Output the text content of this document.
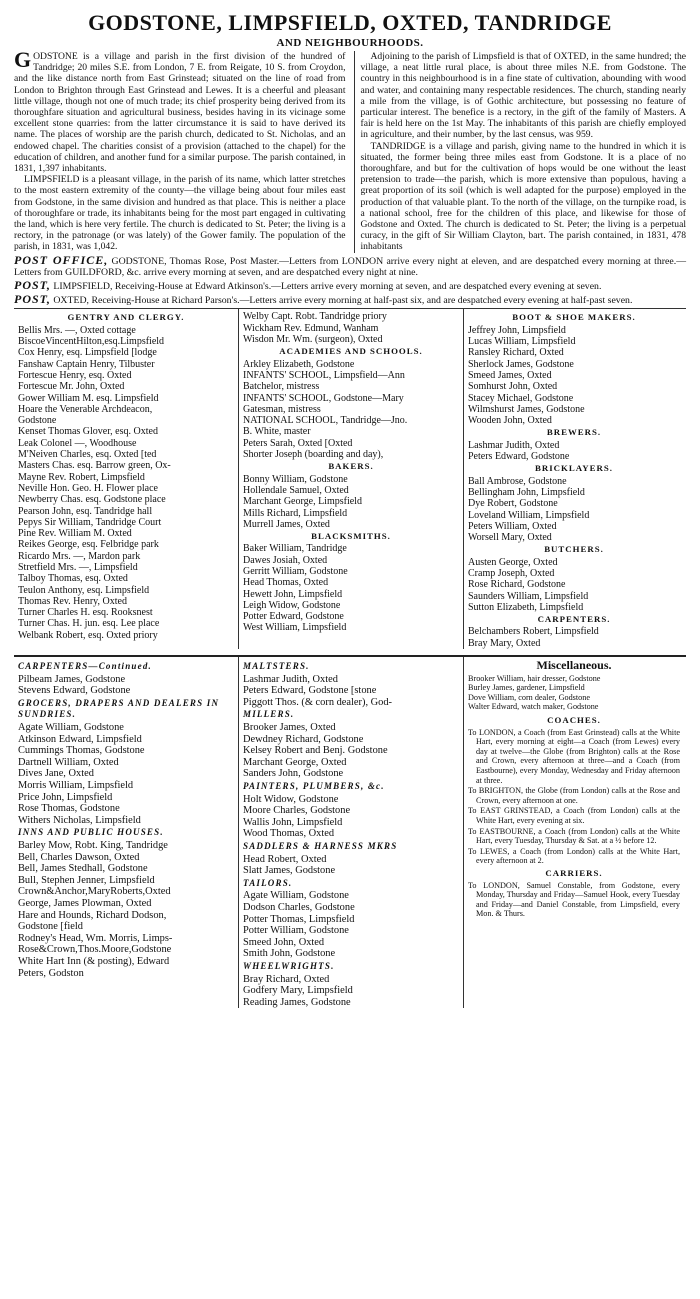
GODSTONE, LIMPSFIELD, OXTED, TANDRIDGE
AND NEIGHBOURHOODS.

GODSTONE is a village and parish in the first division of the hundred of Tandridge; 20 miles S.E. from London, 7 E. from Reigate, 10 S. from Croydon, and the like distance north from East Grinstead; situated on the line of road from London to Brighton through East Grinstead and Lewes. It is a cheerful and pleasant little village, though not one of much trade; its chief prosperity being derived from its thoroughfare situation and agricultural business, besides having in its vicinage some excellent stone quarries: from the latter circumstance it is said to have derived its name. The places of worship are the parish church, dedicated to St. Nicholas, and an endowed chapel. The charities consist of a provision (attached to the chapel) for the education of children, and another fund for a similar purpose. The parish contained, in 1831, 1,397 inhabitants.

LIMPSFIELD is a pleasant village, in the parish of its name, which latter stretches to the most eastern extremity of the county—the village being about four miles east from Godstone, in the same division and hundred as that place. This is neither a place of thoroughfare or trade, its inhabitants being for the most part engaged in cultivating the land, which is here very fertile. The church is dedicated to St. Peter; the living is a rectory, in the patronage (or was lately) of the Gower family. The population of the parish, in 1831, was 1,042.

Adjoining to the parish of Limpsfield is that of OXTED, in the same hundred; the village, a neat little rural place, is about three miles N.E. from Godstone. The country in this neighbourhood is in a fine state of cultivation, abounding with wood and water, and containing many respectable residences. The church, standing nearly a mile from the village, is of Gothic architecture, but possessing no feature of particular interest. The benefice is a rectory, in the gift of the family of Masters. A fair is held here on the 1st May. The inhabitants of this parish are chiefly employed in agriculture, and their number, by the last census, was 959.

TANDRIDGE is a village and parish, giving name to the hundred in which it is situated, the former being three miles east from Godstone. It is a place of no thoroughfare, and but for the cultivation of hops would be one without the least pretension to trade—the parish, which is more extensive than populous, having a great proportion of its soil (which is well adapted for the purpose) employed in the production of that valuable plant. To the north of the village, on the turnpike road, is a national school, free for the children of this place, and likewise for those of Godstone and Oxted. The church is dedicated to St. Peter; the living is a perpetual curacy, in the gift of Sir William Clayton, bart. The parish contained, in 1831, 478 inhabitants

POST OFFICE, GODSTONE, Thomas Rose, Post Master.—Letters from LONDON arrive every night at eleven, and are despatched every morning at three.—Letters from GUILDFORD, &c. arrive every morning at seven, and are despatched every night at nine.
POST, LIMPSFIELD, Receiving-House at Edward Atkinson's.—Letters arrive every morning at seven, and are despatched every evening at seven.
POST, OXTED, Receiving-House at Richard Parson's.—Letters arrive every morning at half-past six, and are despatched every evening at half-past seven.
GENTRY AND CLERGY.
Bellis Mrs. —, Oxted cottage
BiscoeVincentHilton,esq.Limpsfield
Cox Henry, esq. Limpsfield [lodge
Fanshaw Captain Henry, Tilbuster
Fortescue Henry, esq. Oxted
Fortescue Mr. John, Oxted
Gower William M. esq. Limpsfield
Hoare the Venerable Archdeacon,
Godstone
Kenset Thomas Glover, esq. Oxted
Leak Colonel —, Woodhouse
M'Neiven Charles, esq. Oxted [ted
Masters Chas. esq. Barrow green, Ox-
Mayne Rev. Robert, Limpsfield
Neville Hon. Geo. H. Flower place
Newberry Chas. esq. Godstone place
Pearson John, esq. Tandridge hall
Pepys Sir William, Tandridge Court
Pine Rev. William M. Oxted
Reikes George, esq. Felbridge park
Ricardo Mrs. —, Mardon park
Stretfield Mrs. —, Limpsfield
Talboy Thomas, esq. Oxted
Teulon Anthony, esq. Limpsfield
Thomas Rev. Henry, Oxted
Turner Charles H. esq. Rooksnest
Turner Chas. H. jun. esq. Lee place
Welbank Robert, esq. Oxted priory
Welby Capt. Robt. Tandridge priory
Wickham Rev. Edmund, Wanham
Wisdon Mr. Wm. (surgeon), Oxted
ACADEMIES AND SCHOOLS.
Arkley Elizabeth, Godstone
INFANTS' SCHOOL, Limpsfield—Ann
Batchelor, mistress
INFANTS' SCHOOL, Godstone—Mary
Gatesman, mistress
NATIONAL SCHOOL, Tandridge—Jno.
B. White, master
Peters Sarah, Oxted [Oxted
Shorter Joseph (boarding and day),
BAKERS.
Bonny William, Godstone
Hollendale Samuel, Oxted
Marchant George, Limpsfield
Mills Richard, Limpsfield
Murrell James, Oxted
BLACKSMITHS.
Baker William, Tandridge
Dawes Josiah, Oxted
Gerritt William, Godstone
Head Thomas, Oxted
Hewett John, Limpsfield
Leigh Widow, Godstone
Potter Edward, Godstone
West William, Limpsfield
BOOT & SHOE MAKERS.
Jeffrey John, Limpsfield
Lucas William, Limpsfield
Ransley Richard, Oxted
Sherlock James, Godstone
Smeed James, Oxted
Somhurst John, Oxted
Stacey Michael, Godstone
Wilmshurst James, Godstone
Wooden John, Oxted
BREWERS.
Lashmar Judith, Oxted
Peters Edward, Godstone
BRICKLAYERS.
Ball Ambrose, Godstone
Bellingham John, Limpsfield
Dye Robert, Godstone
Loveland William, Limpsfield
Peters William, Oxted
Worsell Mary, Oxted
BUTCHERS.
Austen George, Oxted
Cramp Joseph, Oxted
Rose Richard, Godstone
Saunders William, Limpsfield
Sutton Elizabeth, Limpsfield
CARPENTERS.
Belchambers Robert, Limpsfield
Bray Mary, Oxted
CARPENTERS—Continued.
Pilbeam James, Godstone
Stevens Edward, Godstone
GROCERS, DRAPERS AND DEALERS IN SUNDRIES.
Agate William, Godstone
Atkinson Edward, Limpsfield
Cummings Thomas, Godstone
Dartnell William, Oxted
Dives Jane, Oxted
Morris William, Limpsfield
Price John, Limpsfield
Rose Thomas, Godstone
Withers Nicholas, Limpsfield
INNS AND PUBLIC HOUSES.
Barley Mow, Robt. King, Tandridge
Bell, Charles Dawson, Oxted
Bell, James Stedhall, Godstone
Bull, Stephen Jenner, Limpsfield
Crown&Anchor,MaryRoberts,Oxted
George, James Plowman, Oxted
Hare and Hounds, Richard Dodson,
Godstone [field
Rodney's Head, Wm. Morris, Limps-
Rose&Crown,Thos.Moore,Godstone
White Hart Inn (& posting), Edward
Peters, Godston
MALTSTERS.
Lashmar Judith, Oxted
Peters Edward, Godstone [stone
Piggott Thos. (& corn dealer), God-
MILLERS.
Brooker James, Oxted
Dewdney Richard, Godstone
Kelsey Robert and Benj. Godstone
Marchant George, Oxted
Sanders John, Godstone
PAINTERS, PLUMBERS, &c.
Holt Widow, Godstone
Moore Charles, Godstone
Wallis John, Limpsfield
Wood Thomas, Oxted
SADDLERS & HARNESS MKRS
Head Robert, Oxted
Slatt James, Godstone
TAILORS.
Agate William, Godstone
Dodson Charles, Godstone
Potter Thomas, Limpsfield
Potter William, Godstone
Smeed John, Oxted
Smith John, Godstone
WHEELWRIGHTS.
Bray Richard, Oxted
Godfery Mary, Limpsfield
Reading James, Godstone
Miscellaneous.
Brooker William, hair dresser, Godstone
Burley James, gardener, Limpsfield
Dove William, corn dealer, Godstone
Walter Edward, watch maker, Godstone
COACHES.

To LONDON, a Coach (from East Grinstead) calls at the White Hart, every morning at eight—a Coach (from Lewes) every day at twelve—the Globe (from Brighton) calls at the Rose and Crown, every afternoon at three—and a Coach (from Eastbourne), every Monday, Wednesday and Friday afternoon at three.

To BRIGHTON, the Globe (from London) calls at the Rose and Crown, every afternoon at one.

To EAST GRINSTEAD, a Coach (from London) calls at the White Hart, every evening at six.

To EASTBOURNE, a Coach (from London) calls at the White Hart, every Tuesday, Thursday & Sat. at a ½ before 12.

To LEWES, a Coach (from London) calls at the White Hart, every afternoon at 2.

CARRIERS.

To LONDON, Samuel Constable, from Godstone, every Monday, Thursday and Friday—Samuel Hook, every Tuesday and Friday—and Daniel Constable, from Limpsfield, every Mon. & Thurs.
